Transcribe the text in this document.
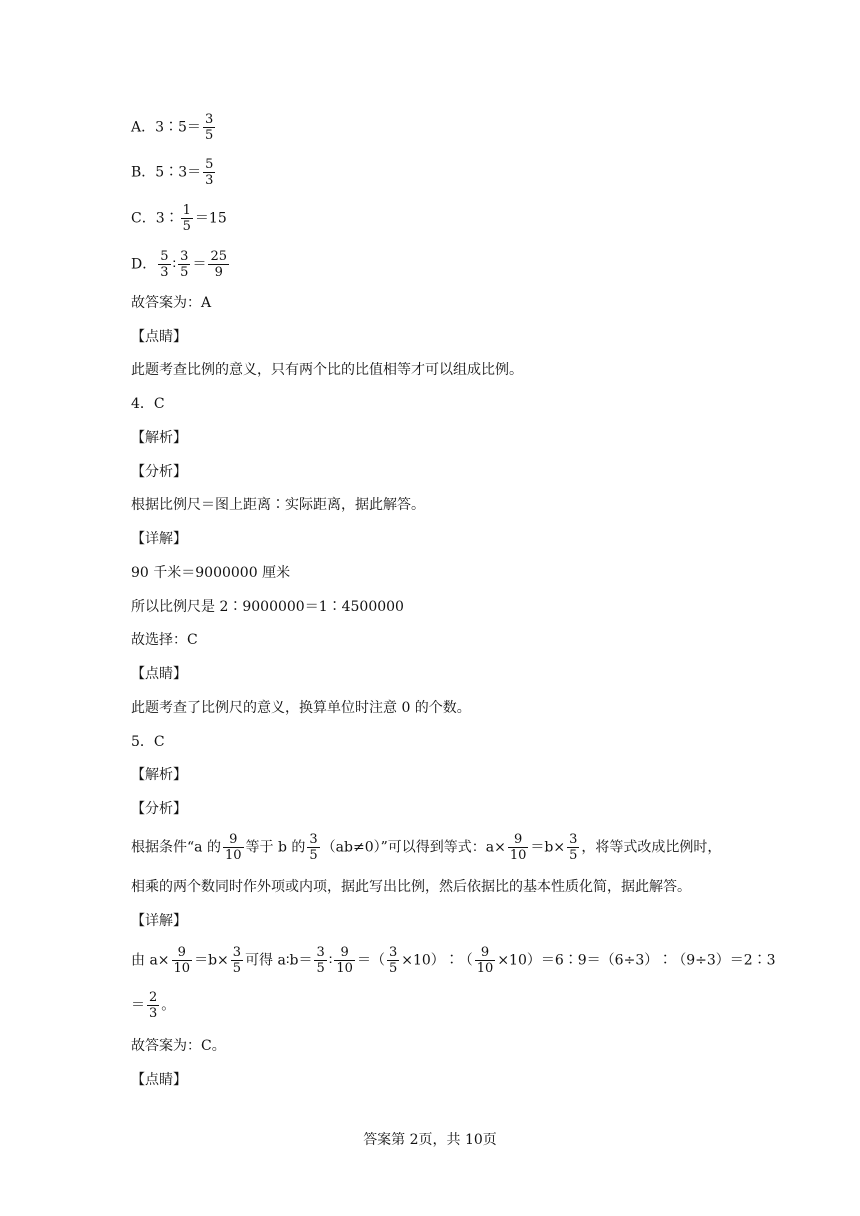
A．3∶5＝ $\frac{3}{5}$
B．5∶3＝ $\frac{5}{3}$
C．3∶ $\frac{1}{5} =15$
D． $\frac{5}{3}$ ∶ $\frac{3}{5} = \frac{25}{9}$
故答案为：A
【点睛】
此题考查比例的意义，只有两个比的比值相等才可以组成比例。
4．C
【解析】
【分析】
根据比例尺＝图上距离∶实际距离，据此解答。
【详解】
90 千米＝9000000 厘米
所以比例尺是 2∶9000000＝1∶4500000
故选择：C
【点睛】
此题考查了比例尺的意义，换算单位时注意 0 的个数。
5．C
【解析】
【分析】
根据条件“a 的 $\frac{9}{10}$ 等于 b 的 $\frac{3}{5} (ab\ne 0)$”可以得到等式：$a\times \frac{9}{10} =b\times \frac{3}{5}$ ，将等式改成比例时，
相乘的两个数同时作外项或内项，据此写出比例，然后依据比的基本性质化简，据此解答。
【详解】
由 $a\times \frac{9}{10} =b\times \frac{3}{5}$ 可得 a∶b＝ $\frac{3}{5}$ ∶ $\frac{9}{10}$ ＝（ $\frac{3}{5}$ ×10）∶（ $\frac{9}{10}$ ×10）＝6∶9＝（6÷3）∶（9÷3）＝2∶3
＝ $\frac{2}{3}$ 。
故答案为：C。
【点睛】
答案第 2页，共 10页
